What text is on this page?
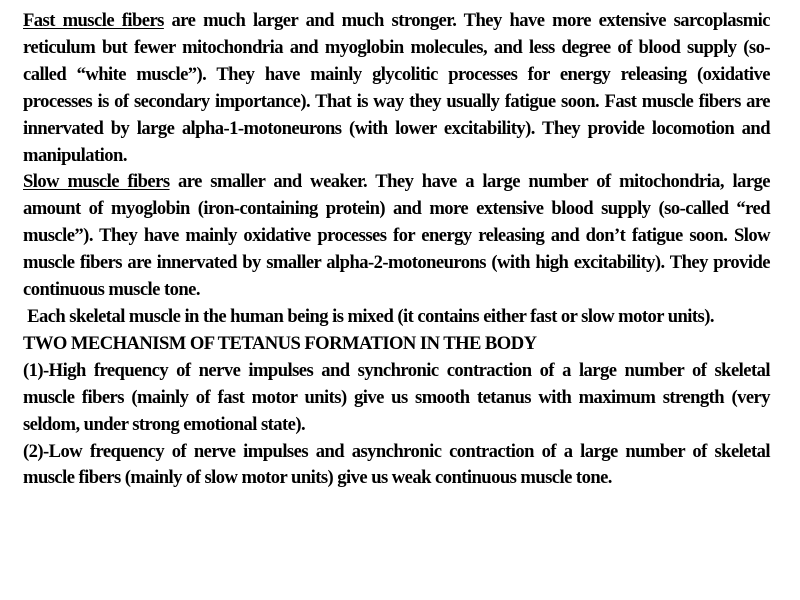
Fast muscle fibers are much larger and much stronger. They have more extensive sarcoplasmic reticulum but fewer mitochondria and myoglobin molecules, and less degree of blood supply (so-called “white muscle”). They have mainly glycolitic processes for energy releasing (oxidative processes is of secondary importance). That is way they usually fatigue soon. Fast muscle fibers are innervated by large alpha-1-motoneurons (with lower excitability). They provide locomotion and manipulation.

Slow muscle fibers are smaller and weaker. They have a large number of mitochondria, large amount of myoglobin (iron-containing protein) and more extensive blood supply (so-called “red muscle”). They have mainly oxidative processes for energy releasing and don’t fatigue soon. Slow muscle fibers are innervated by smaller alpha-2-motoneurons (with high excitability). They provide continuous muscle tone.

Each skeletal muscle in the human being is mixed (it contains either fast or slow motor units).

TWO MECHANISM OF TETANUS FORMATION IN THE BODY

(1)-High frequency of nerve impulses and synchronic contraction of a large number of skeletal muscle fibers (mainly of fast motor units) give us smooth tetanus with maximum strength (very seldom, under strong emotional state).

(2)-Low frequency of nerve impulses and asynchronic contraction of a large number of skeletal muscle fibers (mainly of slow motor units) give us weak continuous muscle tone.
